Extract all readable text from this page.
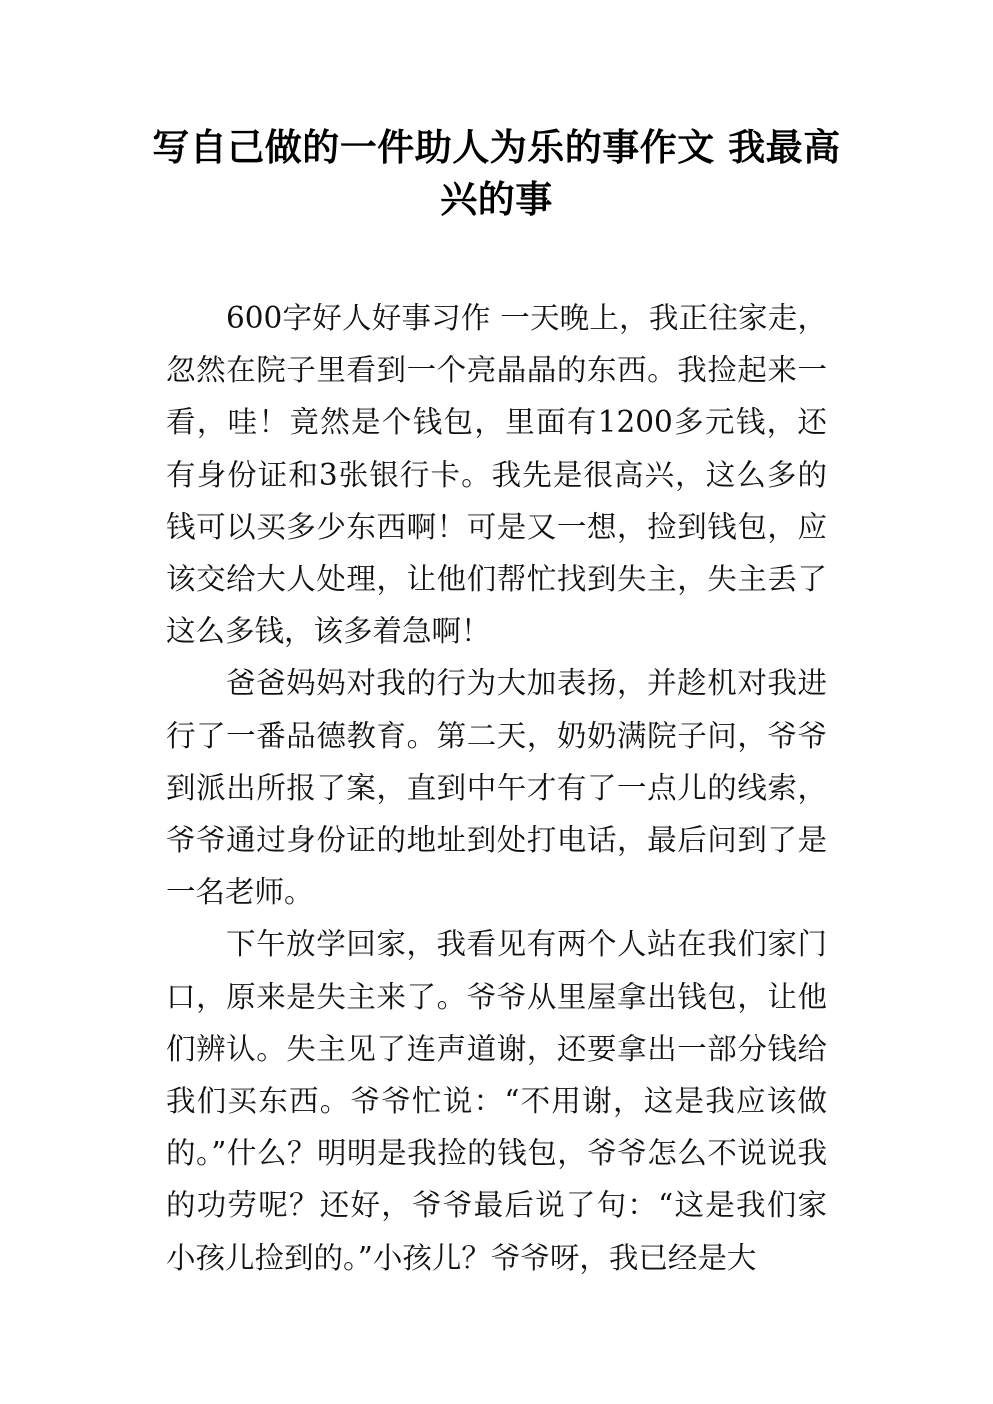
写自己做的一件助人为乐的事作文 我最高兴的事

600字好人好事习作 一天晚上，我正往家走，忽然在院子里看到一个亮晶晶的东西。我捡起来一看，哇！竟然是个钱包，里面有1200多元钱，还有身份证和3张银行卡。我先是很高兴，这么多的钱可以买多少东西啊！可是又一想，捡到钱包，应该交给大人处理，让他们帮忙找到失主，失主丢了这么多钱，该多着急啊！

爸爸妈妈对我的行为大加表扬，并趁机对我进行了一番品德教育。第二天，奶奶满院子问，爷爷到派出所报了案，直到中午才有了一点儿的线索，爷爷通过身份证的地址到处打电话，最后问到了是一名老师。

下午放学回家，我看见有两个人站在我们家门口，原来是失主来了。爷爷从里屋拿出钱包，让他们辨认。失主见了连声道谢，还要拿出一部分钱给我们买东西。爷爷忙说：“不用谢，这是我应该做的。”什么？明明是我捡的钱包，爷爷怎么不说说我的功劳呢？还好，爷爷最后说了句：“这是我们家小孩儿捡到的。”小孩儿？爷爷呀，我已经是大
